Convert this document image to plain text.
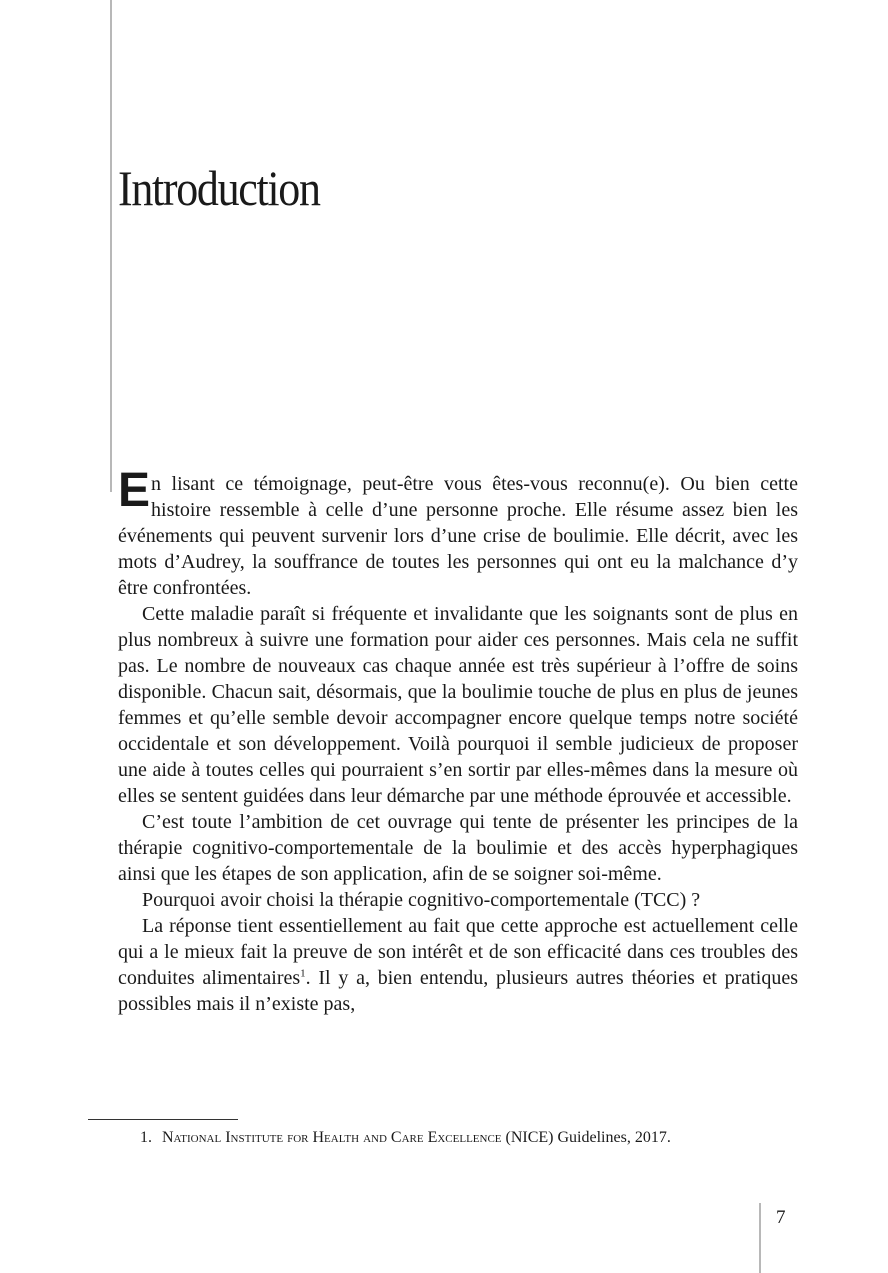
Introduction

En lisant ce témoignage, peut-être vous êtes-vous reconnu(e). Ou bien cette histoire ressemble à celle d’une personne proche. Elle résume assez bien les événements qui peuvent survenir lors d’une crise de boulimie. Elle décrit, avec les mots d’Audrey, la souffrance de toutes les personnes qui ont eu la malchance d’y être confrontées.

Cette maladie paraît si fréquente et invalidante que les soignants sont de plus en plus nombreux à suivre une formation pour aider ces personnes. Mais cela ne suffit pas. Le nombre de nouveaux cas chaque année est très supérieur à l’offre de soins disponible. Chacun sait, désormais, que la boulimie touche de plus en plus de jeunes femmes et qu’elle semble devoir accompagner encore quelque temps notre société occidentale et son développement. Voilà pourquoi il semble judicieux de proposer une aide à toutes celles qui pourraient s’en sortir par elles-mêmes dans la mesure où elles se sentent guidées dans leur démarche par une méthode éprouvée et accessible.

C’est toute l’ambition de cet ouvrage qui tente de présenter les principes de la thérapie cognitivo-comportementale de la boulimie et des accès hyperphagiques ainsi que les étapes de son application, afin de se soigner soi-même.

Pourquoi avoir choisi la thérapie cognitivo-comportementale (TCC) ?

La réponse tient essentiellement au fait que cette approche est actuellement celle qui a le mieux fait la preuve de son intérêt et de son efficacité dans ces troubles des conduites alimentaires$^1$. Il y a, bien entendu, plusieurs autres théories et pratiques possibles mais il n’existe pas,

1. National Institute for Health and Care Excellence (NICE) Guidelines, 2017.
7
